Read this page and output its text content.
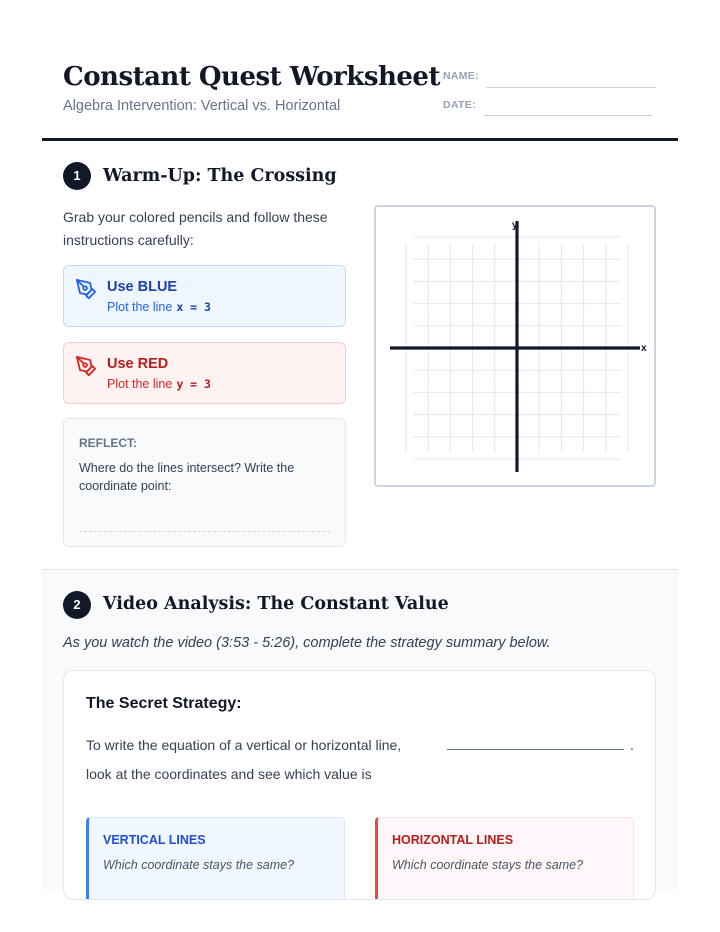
Constant Quest Worksheet
Algebra Intervention: Vertical vs. Horizontal
NAME:
DATE:
1	Warm-Up: The Crossing
Grab your colored pencils and follow these instructions carefully:
Use BLUE
Plot the line x = 3
Use RED
Plot the line y = 3
REFLECT:
Where do the lines intersect? Write the coordinate point:
x
y
2	Video Analysis: The Constant Value
As you watch the video (3:53 - 5:26), complete the strategy summary below.
The Secret Strategy:
To write the equation of a vertical or horizontal line,	.
look at the coordinates and see which value is
VERTICAL LINES
Which coordinate stays the same?
HORIZONTAL LINES
Which coordinate stays the same?
